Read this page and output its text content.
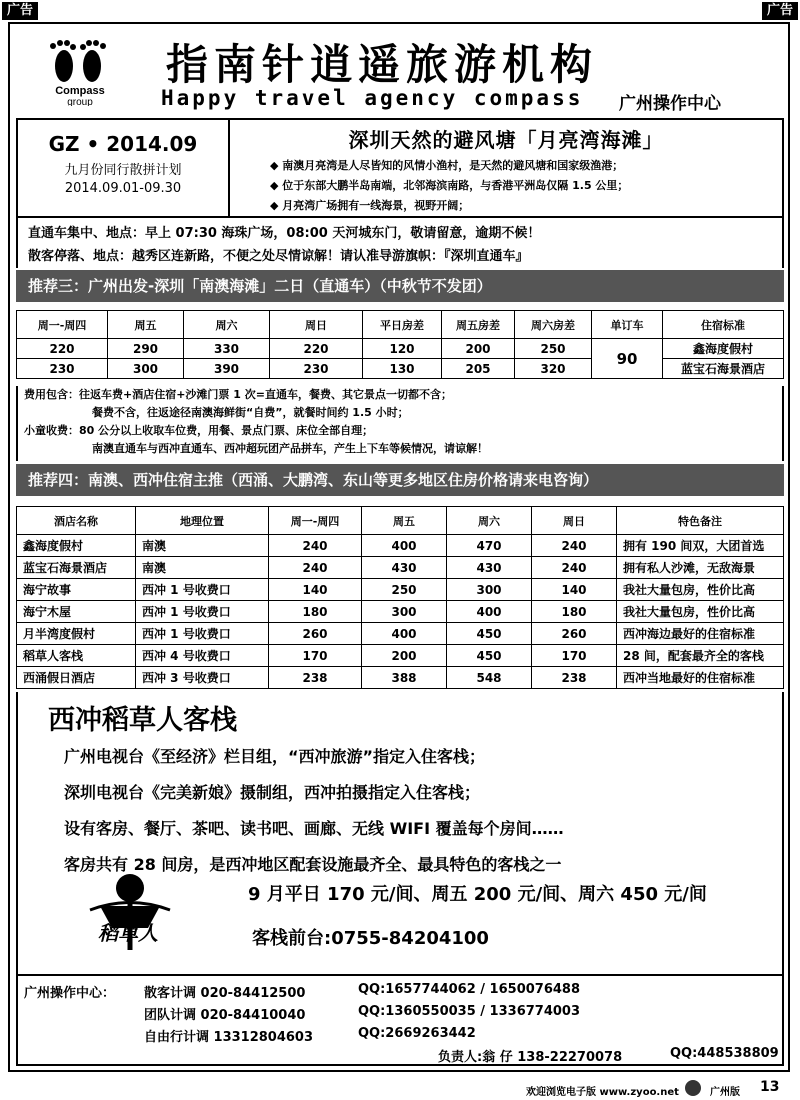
广告	广告
Compass
group
指南针逍遥旅游机构
Happy travel agency compass 广州操作中心
GZ • 2014.09
九月份同行散拼计划
2014.09.01-09.30
深圳天然的避风塘「月亮湾海滩」
◆ 南澳月亮湾是人尽皆知的风情小渔村，是天然的避风塘和国家级渔港；
◆ 位于东部大鹏半岛南端，北邻海滨南路，与香港平洲岛仅隔 1.5 公里；
◆ 月亮湾广场拥有一线海景，视野开阔；
直通车集中、地点：早上 07:30 海珠广场，08:00 天河城东门，敬请留意，逾期不候！
散客停落、地点：越秀区连新路，不便之处尽情谅解！请认准导游旗帜：『深圳直通车』
推荐三：广州出发-深圳「南澳海滩」二日（直通车）（中秋节不发团）
周一-周四	周五	周六	周日	平日房差	周五房差	周六房差	单订车	住宿标准
220	290	330	220	120	200	250	90	鑫海度假村
230	300	390	230	130	205	320		蓝宝石海景酒店
费用包含：往返车费+酒店住宿+沙滩门票 1 次=直通车，餐费、其它景点一切都不含；
餐费不含，往返途径南澳海鲜街“自费”，就餐时间约 1.5 小时；
小童收费：80 公分以上收取车位费，用餐、景点门票、床位全部自理；
南澳直通车与西冲直通车、西冲超玩团产品拼车，产生上下车等候情况，请谅解！
推荐四：南澳、西冲住宿主推（西涌、大鹏湾、东山等更多地区住房价格请来电咨询）
酒店名称	地理位置	周一-周四	周五	周六	周日	特色备注
鑫海度假村	南澳	240	400	470	240	拥有 190 间双，大团首选
蓝宝石海景酒店	南澳	240	430	430	240	拥有私人沙滩，无敌海景
海宁故事	西冲 1 号收费口	140	250	300	140	我社大量包房，性价比高
海宁木屋	西冲 1 号收费口	180	300	400	180	我社大量包房，性价比高
月半湾度假村	西冲 1 号收费口	260	400	450	260	西冲海边最好的住宿标准
稻草人客栈	西冲 4 号收费口	170	200	450	170	28 间，配套最齐全的客栈
西涌假日酒店	西冲 3 号收费口	238	388	548	238	西冲当地最好的住宿标准
西冲稻草人客栈
广州电视台《至经济》栏目组，“西冲旅游”指定入住客栈；
深圳电视台《完美新娘》摄制组，西冲拍摄指定入住客栈；
设有客房、餐厅、茶吧、读书吧、画廊、无线 WIFI 覆盖每个房间……
客房共有 28 间房，是西冲地区配套设施最齐全、最具特色的客栈之一
稻草人
9 月平日 170 元/间、周五 200 元/间、周六 450 元/间
客栈前台:0755-84204100
广州操作中心： 散客计调 020-84412500	QQ:1657744062 / 1650076488
团队计调 020-84410040	QQ:1360550035 / 1336774003
自由行计调 13312804603	QQ:2669263442
负责人:翁 仔 138-22270078	QQ:448538809
欢迎浏览电子版 www.zyoo.net	广州版 13
